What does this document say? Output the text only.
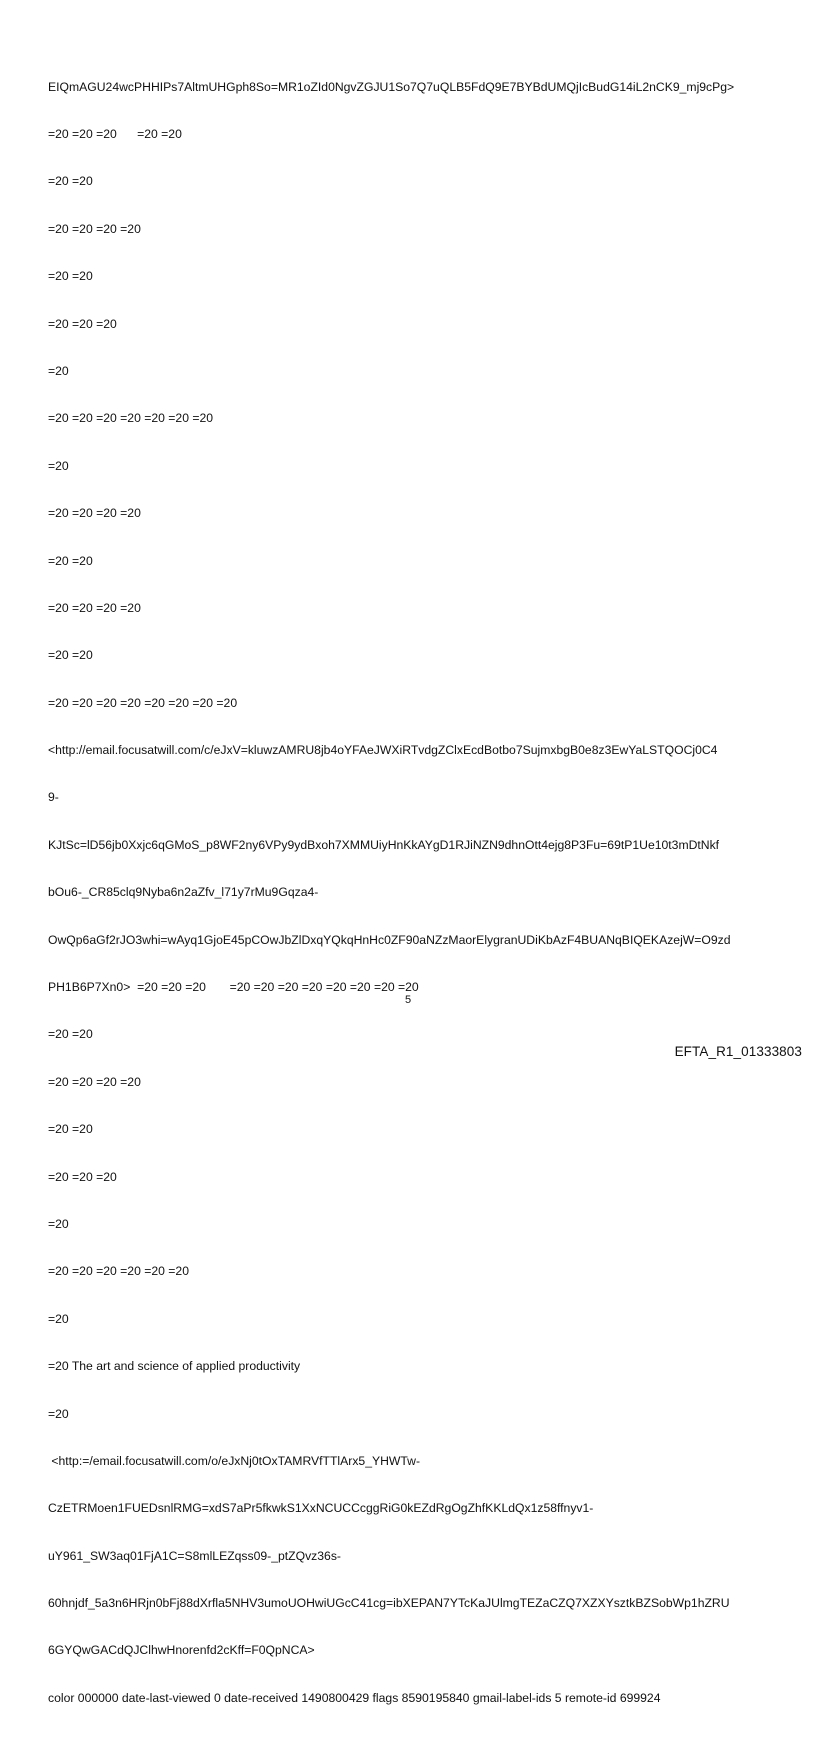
EIQmAGU24wcPHHIPs7AltmUHGph8So=MR1oZId0NgvZGJU1So7Q7uQLB5FdQ9E7BYBdUMQjIcBudG14iL2nCK9_mj9cPg>

=20 =20 =20      =20 =20

=20 =20

=20 =20 =20 =20

=20 =20

=20 =20 =20

=20

=20 =20 =20 =20 =20 =20 =20

=20

=20 =20 =20 =20

=20 =20

=20 =20 =20 =20

=20 =20

=20 =20 =20 =20 =20 =20 =20 =20

<http://email.focusatwill.com/c/eJxV=kluwzAMRU8jb4oYFAeJWXiRTvdgZClxEcdBotbo7SujmxbgB0e8z3EwYaLSTQOCj0C4

9-

KJtSc=lD56jb0Xxjc6qGMoS_p8WF2ny6VPy9ydBxoh7XMMUiyHnKkAYgD1RJiNZN9dhnOtt4ejg8P3Fu=69tP1Ue10t3mDtNkf

bOu6-_CR85clq9Nyba6n2aZfv_l71y7rMu9Gqza4-

OwQp6aGf2rJO3whi=wAyq1GjoE45pCOwJbZlDxqYQkqHnHc0ZF90aNZzMaorElygranUDiKbAzF4BUANqBIQEKAzejW=O9zd

PH1B6P7Xn0>  =20 =20 =20       =20 =20 =20 =20 =20 =20 =20 =20

=20 =20

=20 =20 =20 =20

=20 =20

=20 =20 =20

=20

=20 =20 =20 =20 =20 =20

=20

=20 The art and science of applied productivity

=20

<http:=/email.focusatwill.com/o/eJxNj0tOxTAMRVfTTlArx5_YHWTw-

CzETRMoen1FUEDsnlRMG=xdS7aPr5fkwkS1XxNCUCCcggRiG0kEZdRgOgZhfKKLdQx1z58ffnyv1-

uY961_SW3aq01FjA1C=S8mlLEZqss09-_ptZQvz36s-

60hnjdf_5a3n6HRjn0bFj88dXrfla5NHV3umoUOHwiUGcC41cg=ibXEPAN7YTcKaJUlmgTEZaCZQ7XZXYsztkBZSobWp1hZRU

6GYQwGACdQJClhwHnorenfd2cKff=F0QpNCA>

color 000000 date-last-viewed 0 date-received 1490800429 flags 8590195840 gmail-label-ids 5 remote-id 699924

5
EFTA_R1_01333803
